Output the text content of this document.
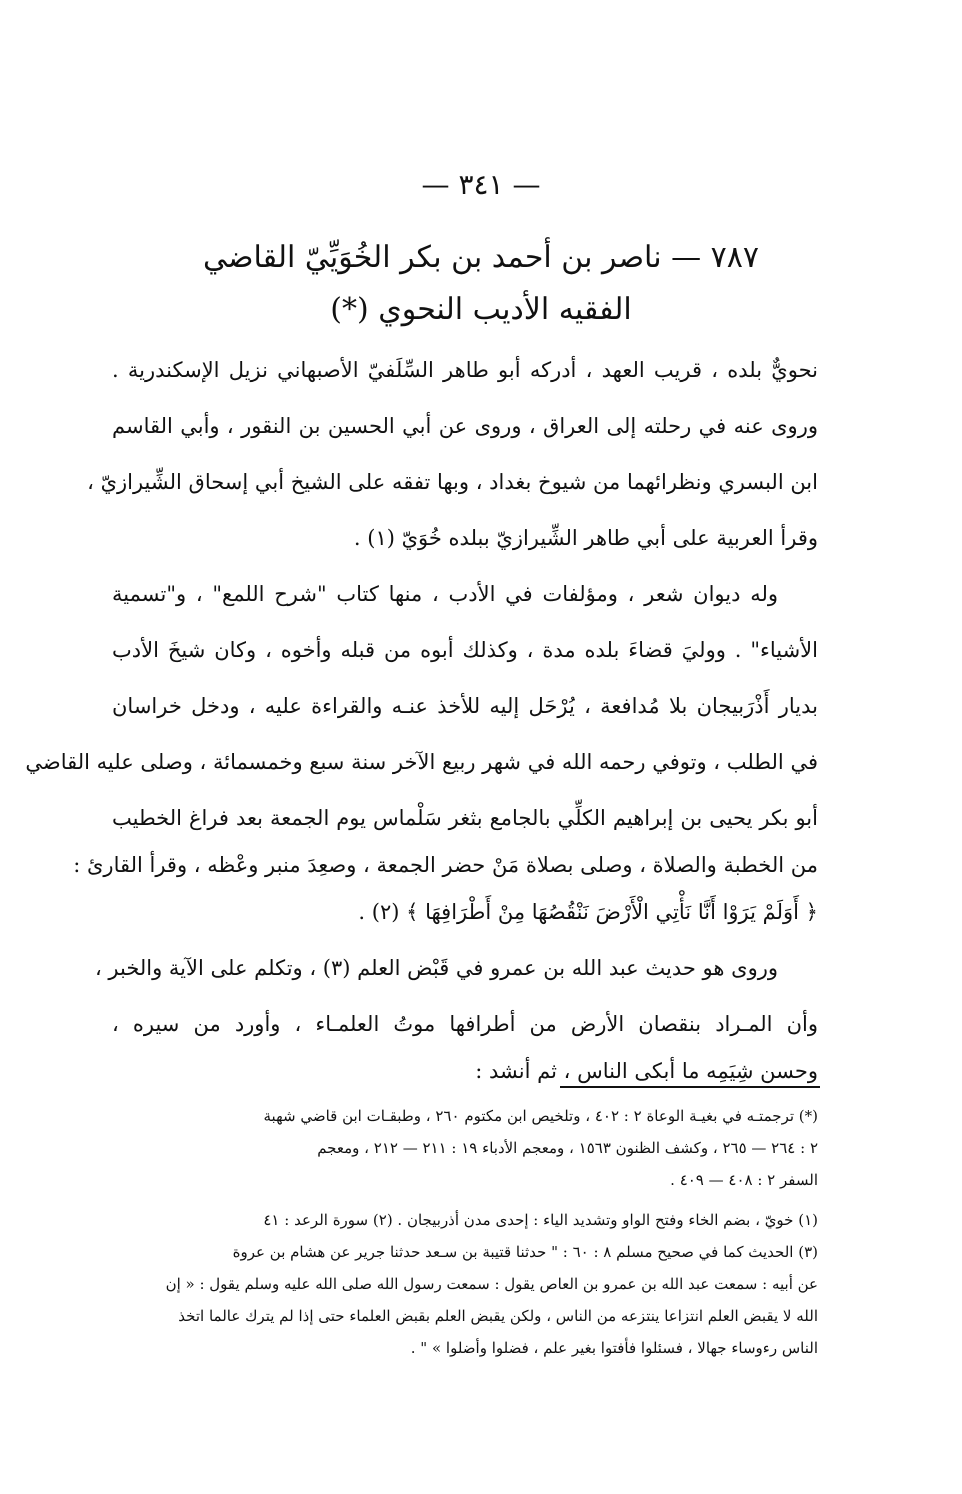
— ٣٤١ —
٧٨٧ — ناصر بن أحمد بن بكر الخُوَيِّيّ القاضي
الفقيه الأديب النحوي (*)
نحويٌّ بلده ، قريب العهد ، أدركه أبو طاهر السِّلَفيّ الأصبهاني نزيل الإسكندرية .
وروى عنه في رحلته إلى العراق ، وروى عن أبي الحسين بن النقور ، وأبي القاسم
ابن البسري ونظرائهما من شيوخ بغداد ، وبها تفقه على الشيخ أبي إسحاق الشِّيرازيّ ،
وقرأ العربية على أبي طاهر الشِّيرازيّ ببلده خُوَيّ (١) .
وله ديوان شعر ، ومؤلفات في الأدب ، منها كتاب "شرح اللمع" ، و"تسمية
الأشياء" . ووليَ قضاءَ بلده مدة ، وكذلك أبوه من قبله وأخوه ، وكان شيخَ الأدب
بديار أَذْرَبيجان بلا مُدافعة ، يُرْحَل إليه للأخذ عنـه والقراءة عليه ، ودخل خراسان
في الطلب ، وتوفي رحمه الله في شهر ربيع الآخر سنة سبع وخمسمائة ، وصلى عليه القاضي
أبو بكر يحيى بن إبراهيم الكلِّي بالجامع بثغر سَلْماس يوم الجمعة بعد فراغ الخطيب
من الخطبة والصلاة ، وصلى بصلاة مَنْ حضر الجمعة ، وصعِدَ منبر وعْظه ، وقرأ القارئ :
﴿ أَوَلَمْ يَرَوْا أَنَّا نَأْتِي الْأَرْضَ نَنْقُصُهَا مِنْ أَطْرَافِهَا ﴾ (٢) .
وروى هو حديث عبد الله بن عمرو في قَبْض العلم (٣) ، وتكلم على الآية والخبر ،
وأن المـراد بنقصان الأرض من أطرافها موتُ العلمـاء ، وأورد من سيره ،
وحسن شِيَمِه ما أبكى الناس ، ثم أنشد :
(*) ترجمتـه في بغيـة الوعاة ٢ : ٤٠٢ ، وتلخيص ابن مكتوم ٢٦٠ ، وطبقـات ابن قاضي شهبة
٢ : ٢٦٤ — ٢٦٥ ، وكشف الظنون ١٥٦٣ ، ومعجم الأدباء ١٩ : ٢١١ — ٢١٢ ، ومعجم
السفر ٢ : ٤٠٨ — ٤٠٩ .
(١) خويّ ، بضم الخاء وفتح الواو وتشديد الياء : إحدى مدن أذربيجان . (٢) سورة الرعد : ٤١
(٣) الحديث كما في صحيح مسلم ٨ : ٦٠ : " حدثنا قتيبة بن سـعد حدثنا جرير عن هشام بن عروة
عن أبيه : سمعت عبد الله بن عمرو بن العاص يقول : سمعت رسول الله صلى الله عليه وسلم يقول : « إن
الله لا يقبض العلم انتزاعا ينتزعه من الناس ، ولكن يقبض العلم بقبض العلماء حتى إذا لم يترك عالما اتخذ
الناس رءوساء جهالا ، فسئلوا فأفتوا بغير علم ، فضلوا وأضلوا » " .
